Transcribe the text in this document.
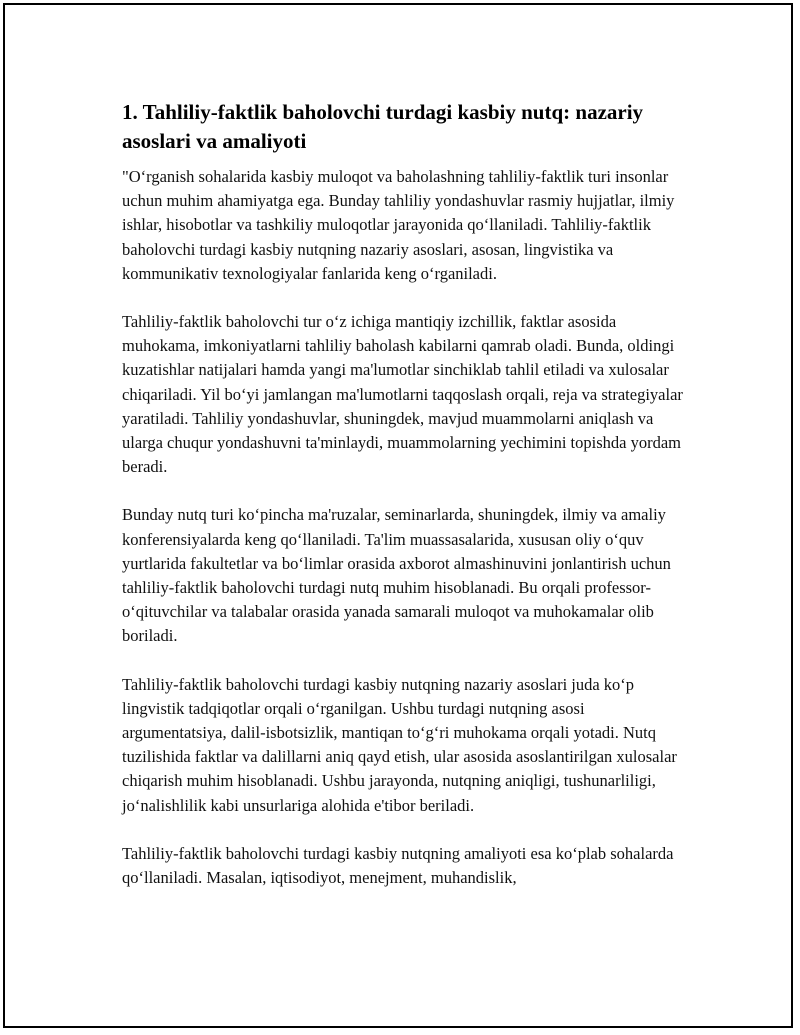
1. Tahliliy-faktlik baholovchi turdagi kasbiy nutq: nazariy asoslari va amaliyoti

"O‘rganish sohalarida kasbiy muloqot va baholashning tahliliy-faktlik turi insonlar uchun muhim ahamiyatga ega. Bunday tahliliy yondashuvlar rasmiy hujjatlar, ilmiy ishlar, hisobotlar va tashkiliy muloqotlar jarayonida qo‘llaniladi. Tahliliy-faktlik baholovchi turdagi kasbiy nutqning nazariy asoslari, asosan, lingvistika va kommunikativ texnologiyalar fanlarida keng o‘rganiladi.

Tahliliy-faktlik baholovchi tur o‘z ichiga mantiqiy izchillik, faktlar asosida muhokama, imkoniyatlarni tahliliy baholash kabilarni qamrab oladi. Bunda, oldingi kuzatishlar natijalari hamda yangi ma'lumotlar sinchiklab tahlil etiladi va xulosalar chiqariladi. Yil bo‘yi jamlangan ma'lumotlarni taqqoslash orqali, reja va strategiyalar yaratiladi. Tahliliy yondashuvlar, shuningdek, mavjud muammolarni aniqlash va ularga chuqur yondashuvni ta'minlaydi, muammolarning yechimini topishda yordam beradi.

Bunday nutq turi ko‘pincha ma'ruzalar, seminarlarda, shuningdek, ilmiy va amaliy konferensiyalarda keng qo‘llaniladi. Ta'lim muassasalarida, xususan oliy o‘quv yurtlarida fakultetlar va bo‘limlar orasida axborot almashinuvini jonlantirish uchun tahliliy-faktlik baholovchi turdagi nutq muhim hisoblanadi. Bu orqali professor-o‘qituvchilar va talabalar orasida yanada samarali muloqot va muhokamalar olib boriladi.

Tahliliy-faktlik baholovchi turdagi kasbiy nutqning nazariy asoslari juda ko‘p lingvistik tadqiqotlar orqali o‘rganilgan. Ushbu turdagi nutqning asosi argumentatsiya, dalil-isbotsizlik, mantiqan to‘g‘ri muhokama orqali yotadi. Nutq tuzilishida faktlar va dalillarni aniq qayd etish, ular asosida asoslantirilgan xulosalar chiqarish muhim hisoblanadi. Ushbu jarayonda, nutqning aniqligi, tushunarliligi, jo‘nalishlilik kabi unsurlariga alohida e'tibor beriladi.

Tahliliy-faktlik baholovchi turdagi kasbiy nutqning amaliyoti esa ko‘plab sohalarda qo‘llaniladi. Masalan, iqtisodiyot, menejment, muhandislik,
